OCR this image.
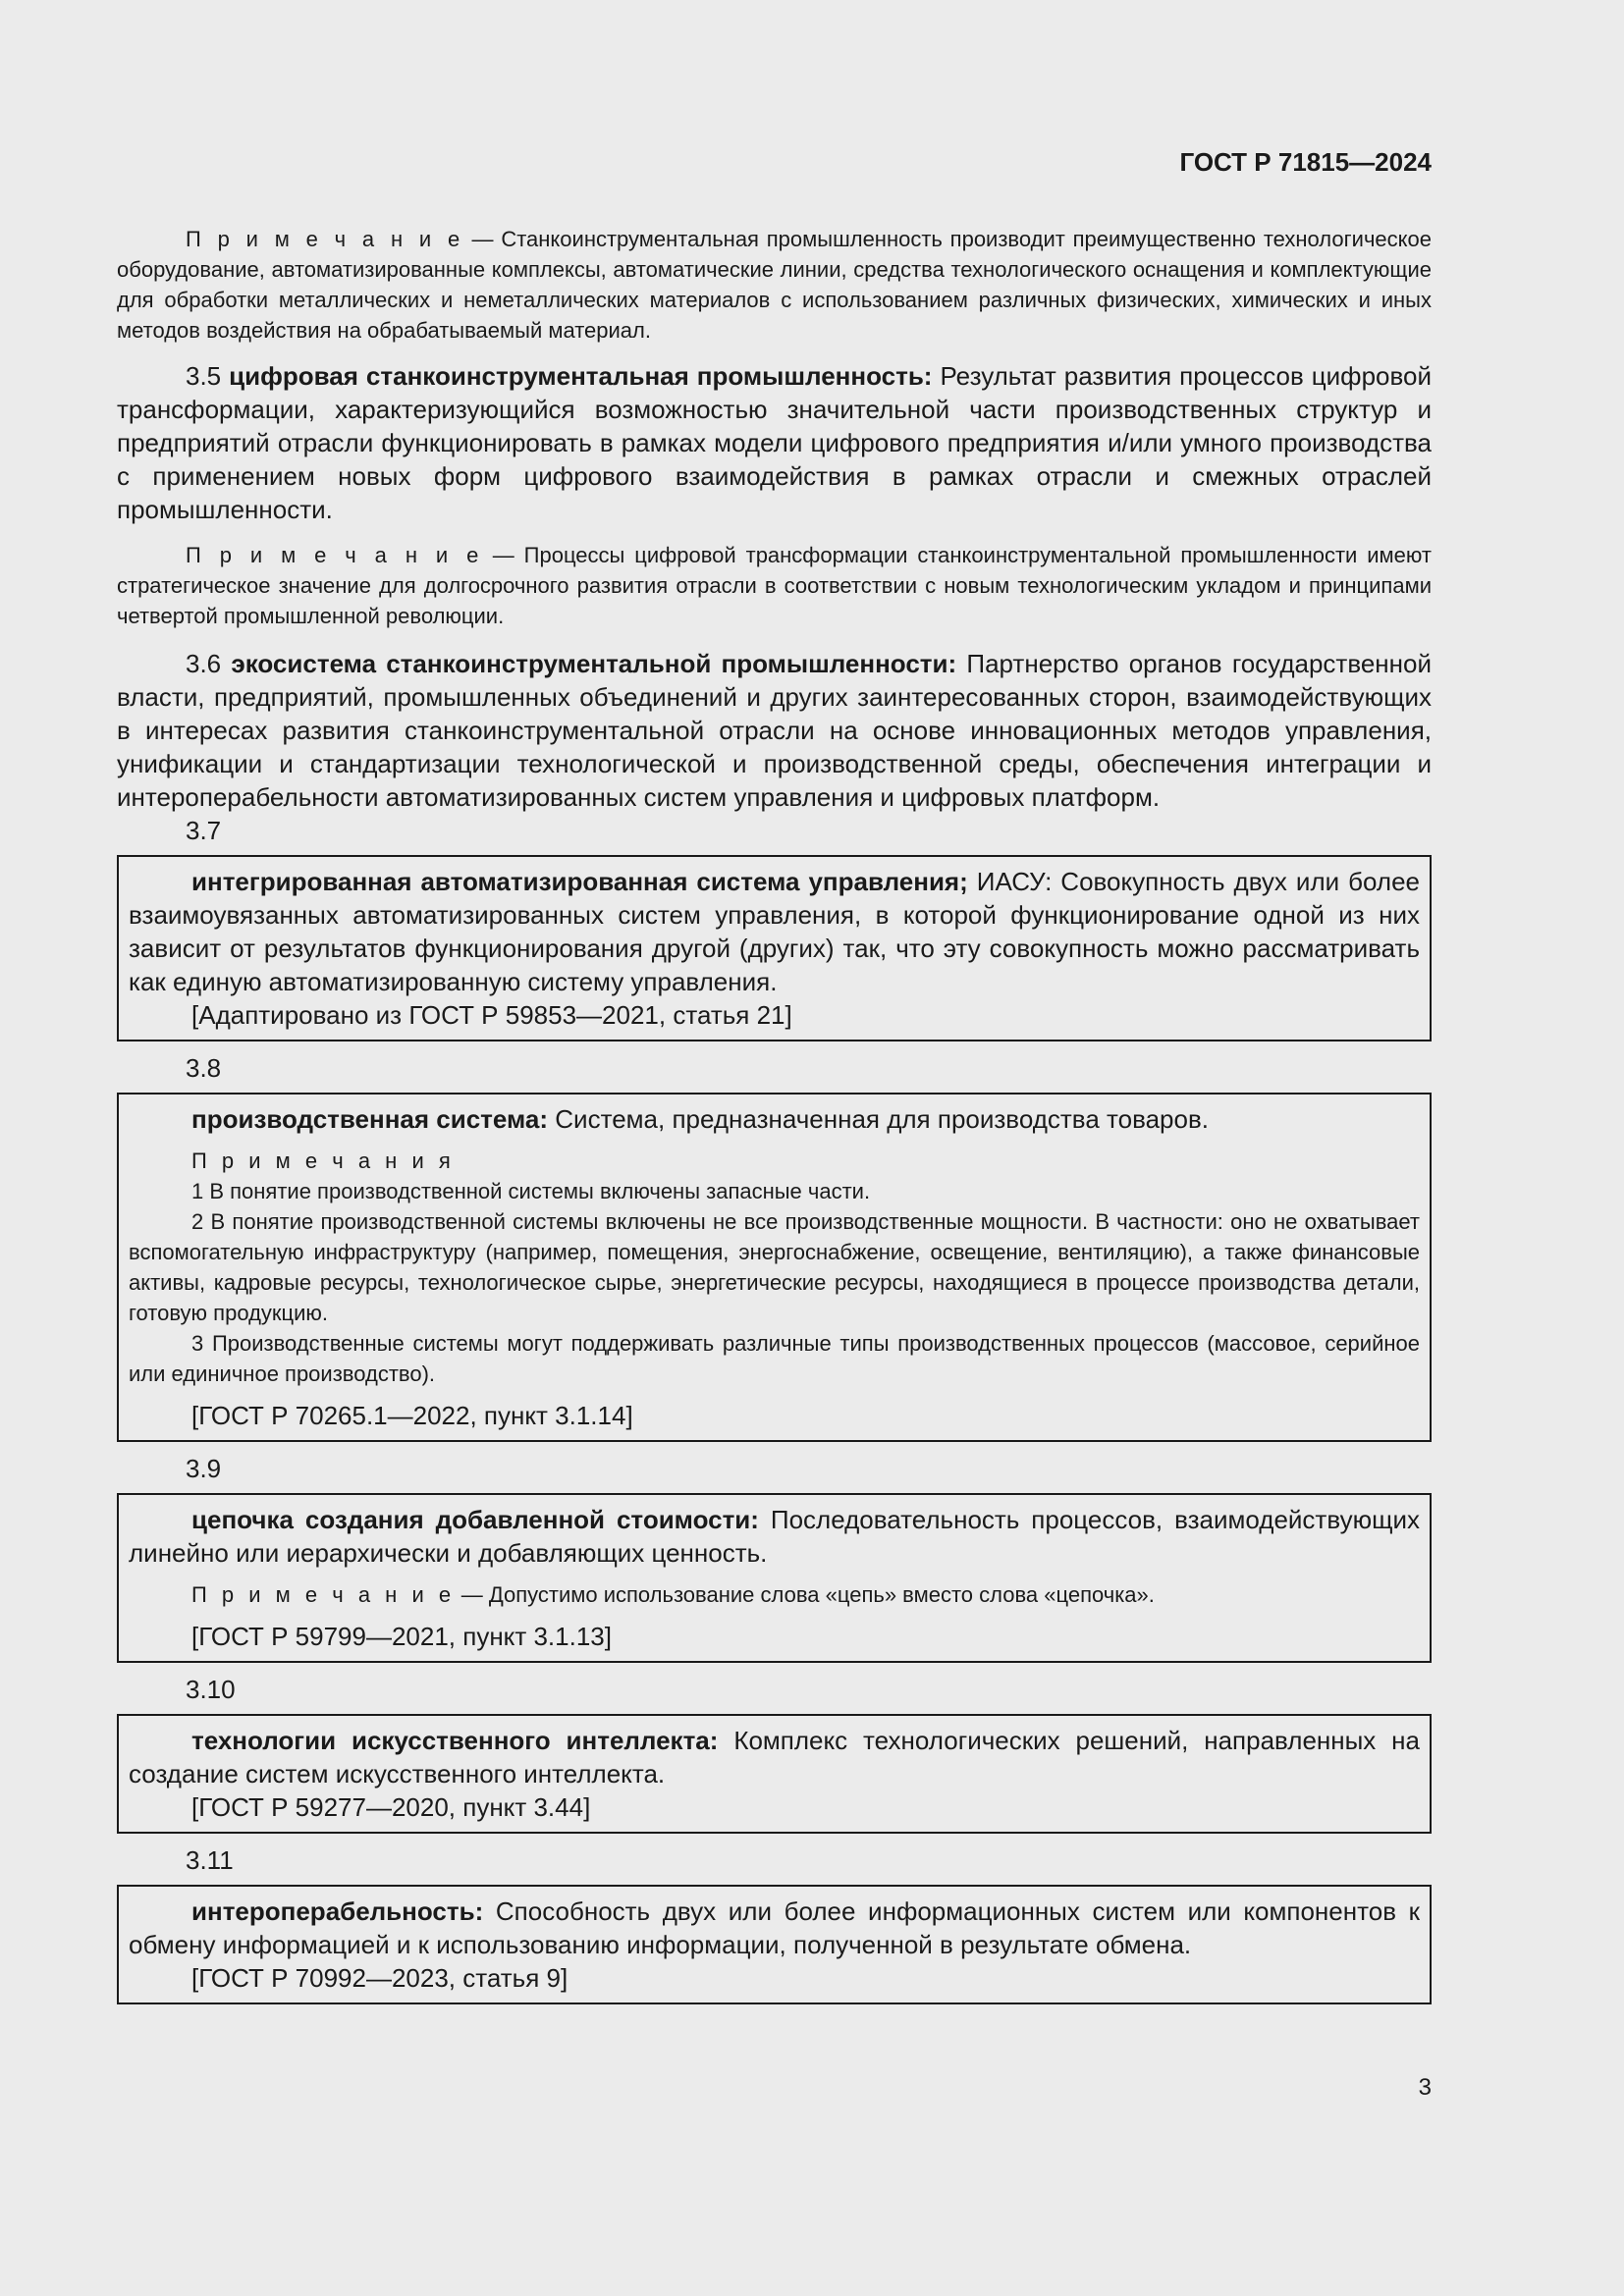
ГОСТ Р 71815—2024

П р и м е ч а н и е — Станкоинструментальная промышленность производит преимущественно технологическое оборудование, автоматизированные комплексы, автоматические линии, средства технологического оснащения и комплектующие для обработки металлических и неметаллических материалов с использованием различных физических, химических и иных методов воздействия на обрабатываемый материал.

3.5 цифровая станкоинструментальная промышленность: Результат развития процессов цифровой трансформации, характеризующийся возможностью значительной части производственных структур и предприятий отрасли функционировать в рамках модели цифрового предприятия и/или умного производства с применением новых форм цифрового взаимодействия в рамках отрасли и смежных отраслей промышленности.

П р и м е ч а н и е — Процессы цифровой трансформации станкоинструментальной промышленности имеют стратегическое значение для долгосрочного развития отрасли в соответствии с новым технологическим укладом и принципами четвертой промышленной революции.

3.6 экосистема станкоинструментальной промышленности: Партнерство органов государственной власти, предприятий, промышленных объединений и других заинтересованных сторон, взаимодействующих в интересах развития станкоинструментальной отрасли на основе инновационных методов управления, унификации и стандартизации технологической и производственной среды, обеспечения интеграции и интероперабельности автоматизированных систем управления и цифровых платформ.

3.7

интегрированная автоматизированная система управления; ИАСУ: Совокупность двух или более взаимоувязанных автоматизированных систем управления, в которой функционирование одной из них зависит от результатов функционирования другой (других) так, что эту совокупность можно рассматривать как единую автоматизированную систему управления.

[Адаптировано из ГОСТ Р 59853—2021, статья 21]

3.8

производственная система: Система, предназначенная для производства товаров.

П р и м е ч а н и я

1 В понятие производственной системы включены запасные части.

2 В понятие производственной системы включены не все производственные мощности. В частности: оно не охватывает вспомогательную инфраструктуру (например, помещения, энергоснабжение, освещение, вентиляцию), а также финансовые активы, кадровые ресурсы, технологическое сырье, энергетические ресурсы, находящиеся в процессе производства детали, готовую продукцию.

3 Производственные системы могут поддерживать различные типы производственных процессов (массовое, серийное или единичное производство).

[ГОСТ Р 70265.1—2022, пункт 3.1.14]

3.9

цепочка создания добавленной стоимости: Последовательность процессов, взаимодействующих линейно или иерархически и добавляющих ценность.

П р и м е ч а н и е — Допустимо использование слова «цепь» вместо слова «цепочка».

[ГОСТ Р 59799—2021, пункт 3.1.13]

3.10

технологии искусственного интеллекта: Комплекс технологических решений, направленных на создание систем искусственного интеллекта.

[ГОСТ Р 59277—2020, пункт 3.44]

3.11

интероперабельность: Способность двух или более информационных систем или компонентов к обмену информацией и к использованию информации, полученной в результате обмена.

[ГОСТ Р 70992—2023, статья 9]

3
